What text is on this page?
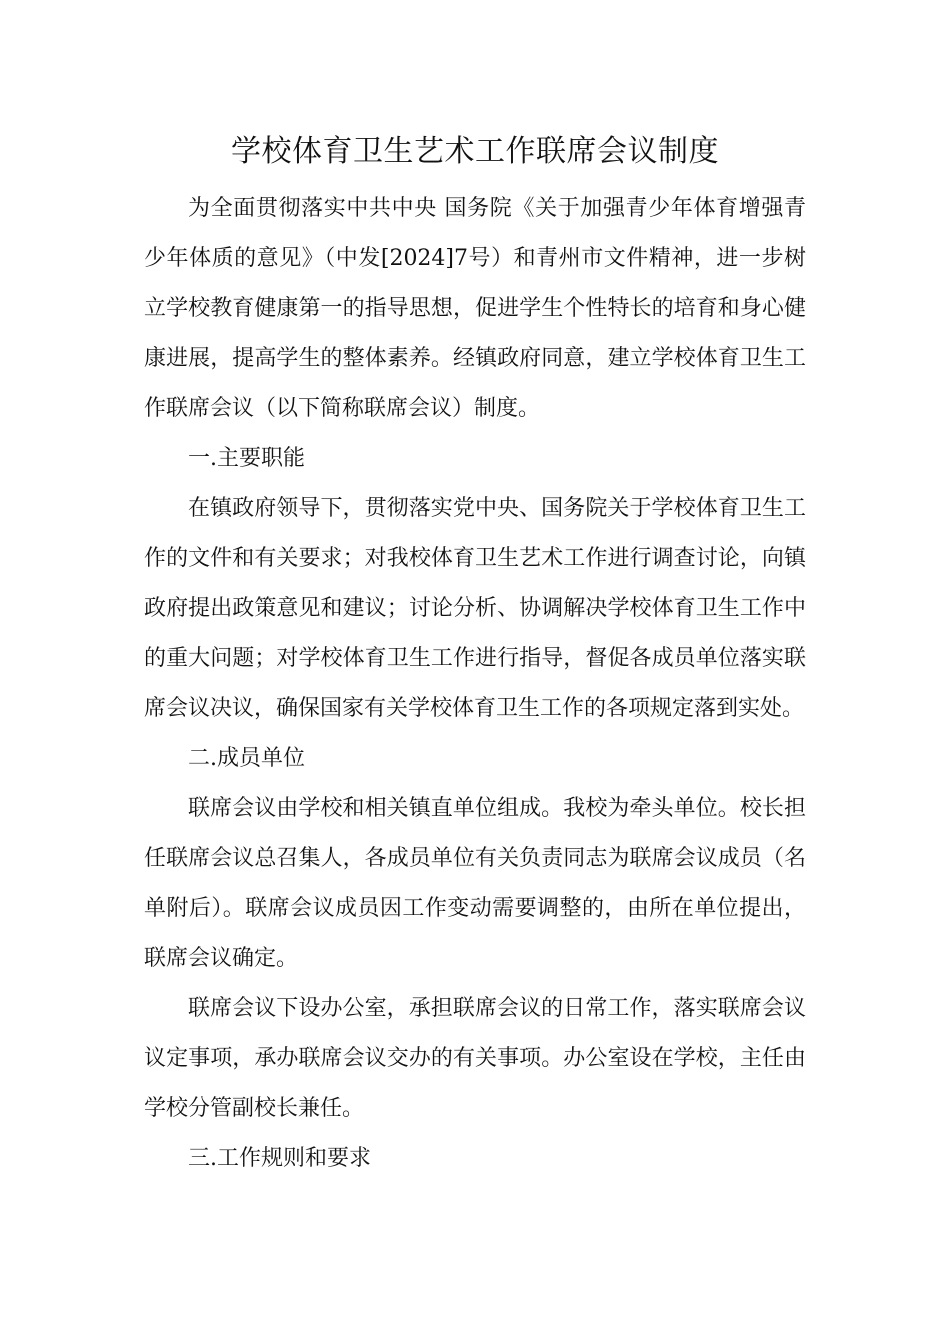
学校体育卫生艺术工作联席会议制度

为全面贯彻落实中共中央 国务院《关于加强青少年体育增强青少年体质的意见》（中发[2024]7号）和青州市文件精神，进一步树立学校教育健康第一的指导思想，促进学生个性特长的培育和身心健康进展，提高学生的整体素养。经镇政府同意，建立学校体育卫生工作联席会议（以下简称联席会议）制度。

一.主要职能

在镇政府领导下，贯彻落实党中央、国务院关于学校体育卫生工作的文件和有关要求；对我校体育卫生艺术工作进行调查讨论，向镇政府提出政策意见和建议；讨论分析、协调解决学校体育卫生工作中的重大问题；对学校体育卫生工作进行指导，督促各成员单位落实联席会议决议，确保国家有关学校体育卫生工作的各项规定落到实处。

二.成员单位

联席会议由学校和相关镇直单位组成。我校为牵头单位。校长担任联席会议总召集人，各成员单位有关负责同志为联席会议成员（名单附后）。联席会议成员因工作变动需要调整的，由所在单位提出，联席会议确定。

联席会议下设办公室，承担联席会议的日常工作，落实联席会议议定事项，承办联席会议交办的有关事项。办公室设在学校，主任由学校分管副校长兼任。

三.工作规则和要求
